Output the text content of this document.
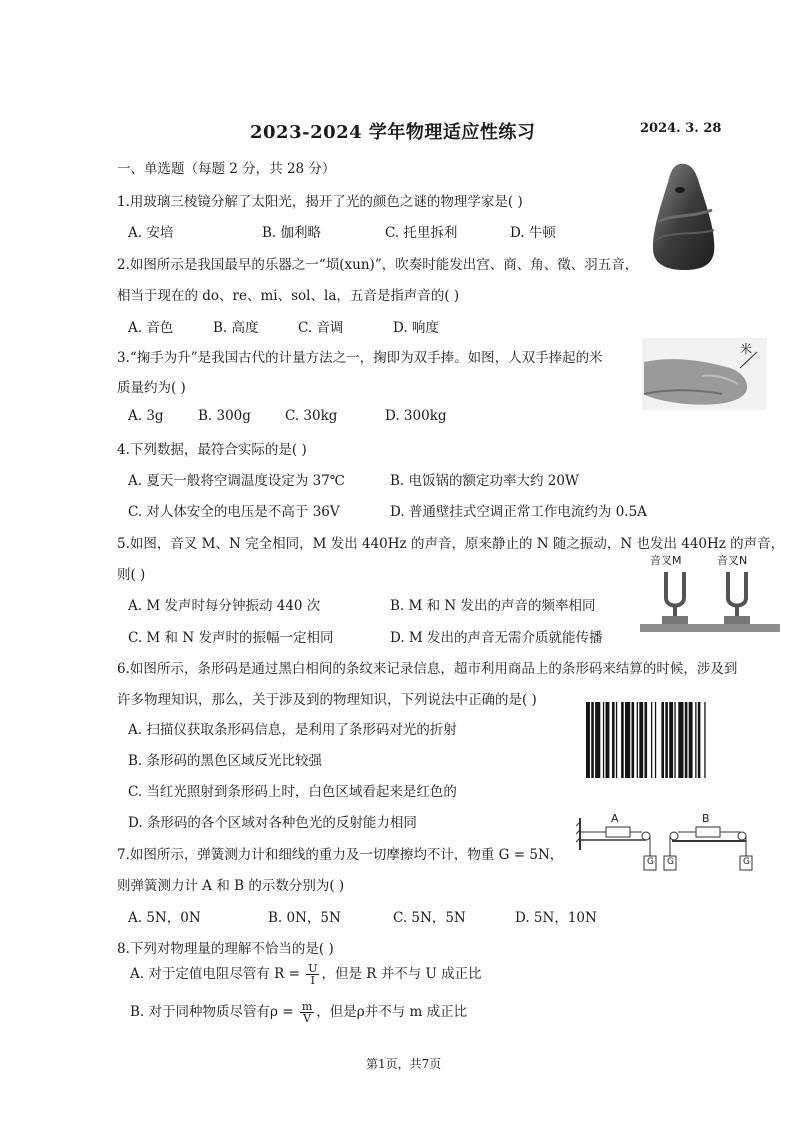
2023-2024 学年物理适应性练习	2024. 3. 28
一、单选题（每题 2 分，共 28 分）
1.用玻璃三棱镜分解了太阳光，揭开了光的颜色之谜的物理学家是( )
A. 安培	B. 伽利略	C. 托里拆利	D. 牛顿
2.如图所示是我国最早的乐器之一“埙(xun)”，吹奏时能发出宫、商、角、徵、羽五音，
相当于现在的 do、re、mi、sol、la，五音是指声音的( )
A. 音色	B. 高度	C. 音调	D. 响度
3.“掬手为升”是我国古代的计量方法之一，掬即为双手捧。如图，人双手捧起的米
质量约为( )
A. 3g	B. 300g	C. 30kg	D. 300kg
米
4.下列数据，最符合实际的是( )
A. 夏天一般将空调温度设定为 37℃	B. 电饭锅的额定功率大约 20W
C. 对人体安全的电压是不高于 36V	D. 普通壁挂式空调正常工作电流约为 0.5A
5.如图，音叉 M、N 完全相同，M 发出 440Hz 的声音，原来静止的 N 随之振动，N 也发出 440Hz 的声音，
则( )
A. M 发声时每分钟振动 440 次	B. M 和 N 发出的声音的频率相同
C. M 和 N 发声时的振幅一定相同	D. M 发出的声音无需介质就能传播
音叉M	音叉N
6.如图所示，条形码是通过黑白相间的条纹来记录信息，超市利用商品上的条形码来结算的时候，涉及到
许多物理知识，那么，关于涉及到的物理知识，下列说法中正确的是( )
A. 扫描仪获取条形码信息，是利用了条形码对光的折射
B. 条形码的黑色区域反光比较强
C. 当红光照射到条形码上时，白色区域看起来是红色的
D. 条形码的各个区域对各种色光的反射能力相同
7.如图所示，弹簧测力计和细线的重力及一切摩擦均不计，物重 G = 5N，
则弹簧测力计 A 和 B 的示数分别为( )
A. 5N，0N	B. 0N，5N	C. 5N，5N	D. 5N，10N
A	B
G G	G
8.下列对物理量的理解不恰当的是( )
A. 对于定值电阻尽管有 $R = \frac{U}{I}$ ，但是 R 并不与 U 成正比
B. 对于同种物质尽管有$\rho = \frac{m}{V}$ ，但是ρ并不与 m 成正比
第1页，共7页
